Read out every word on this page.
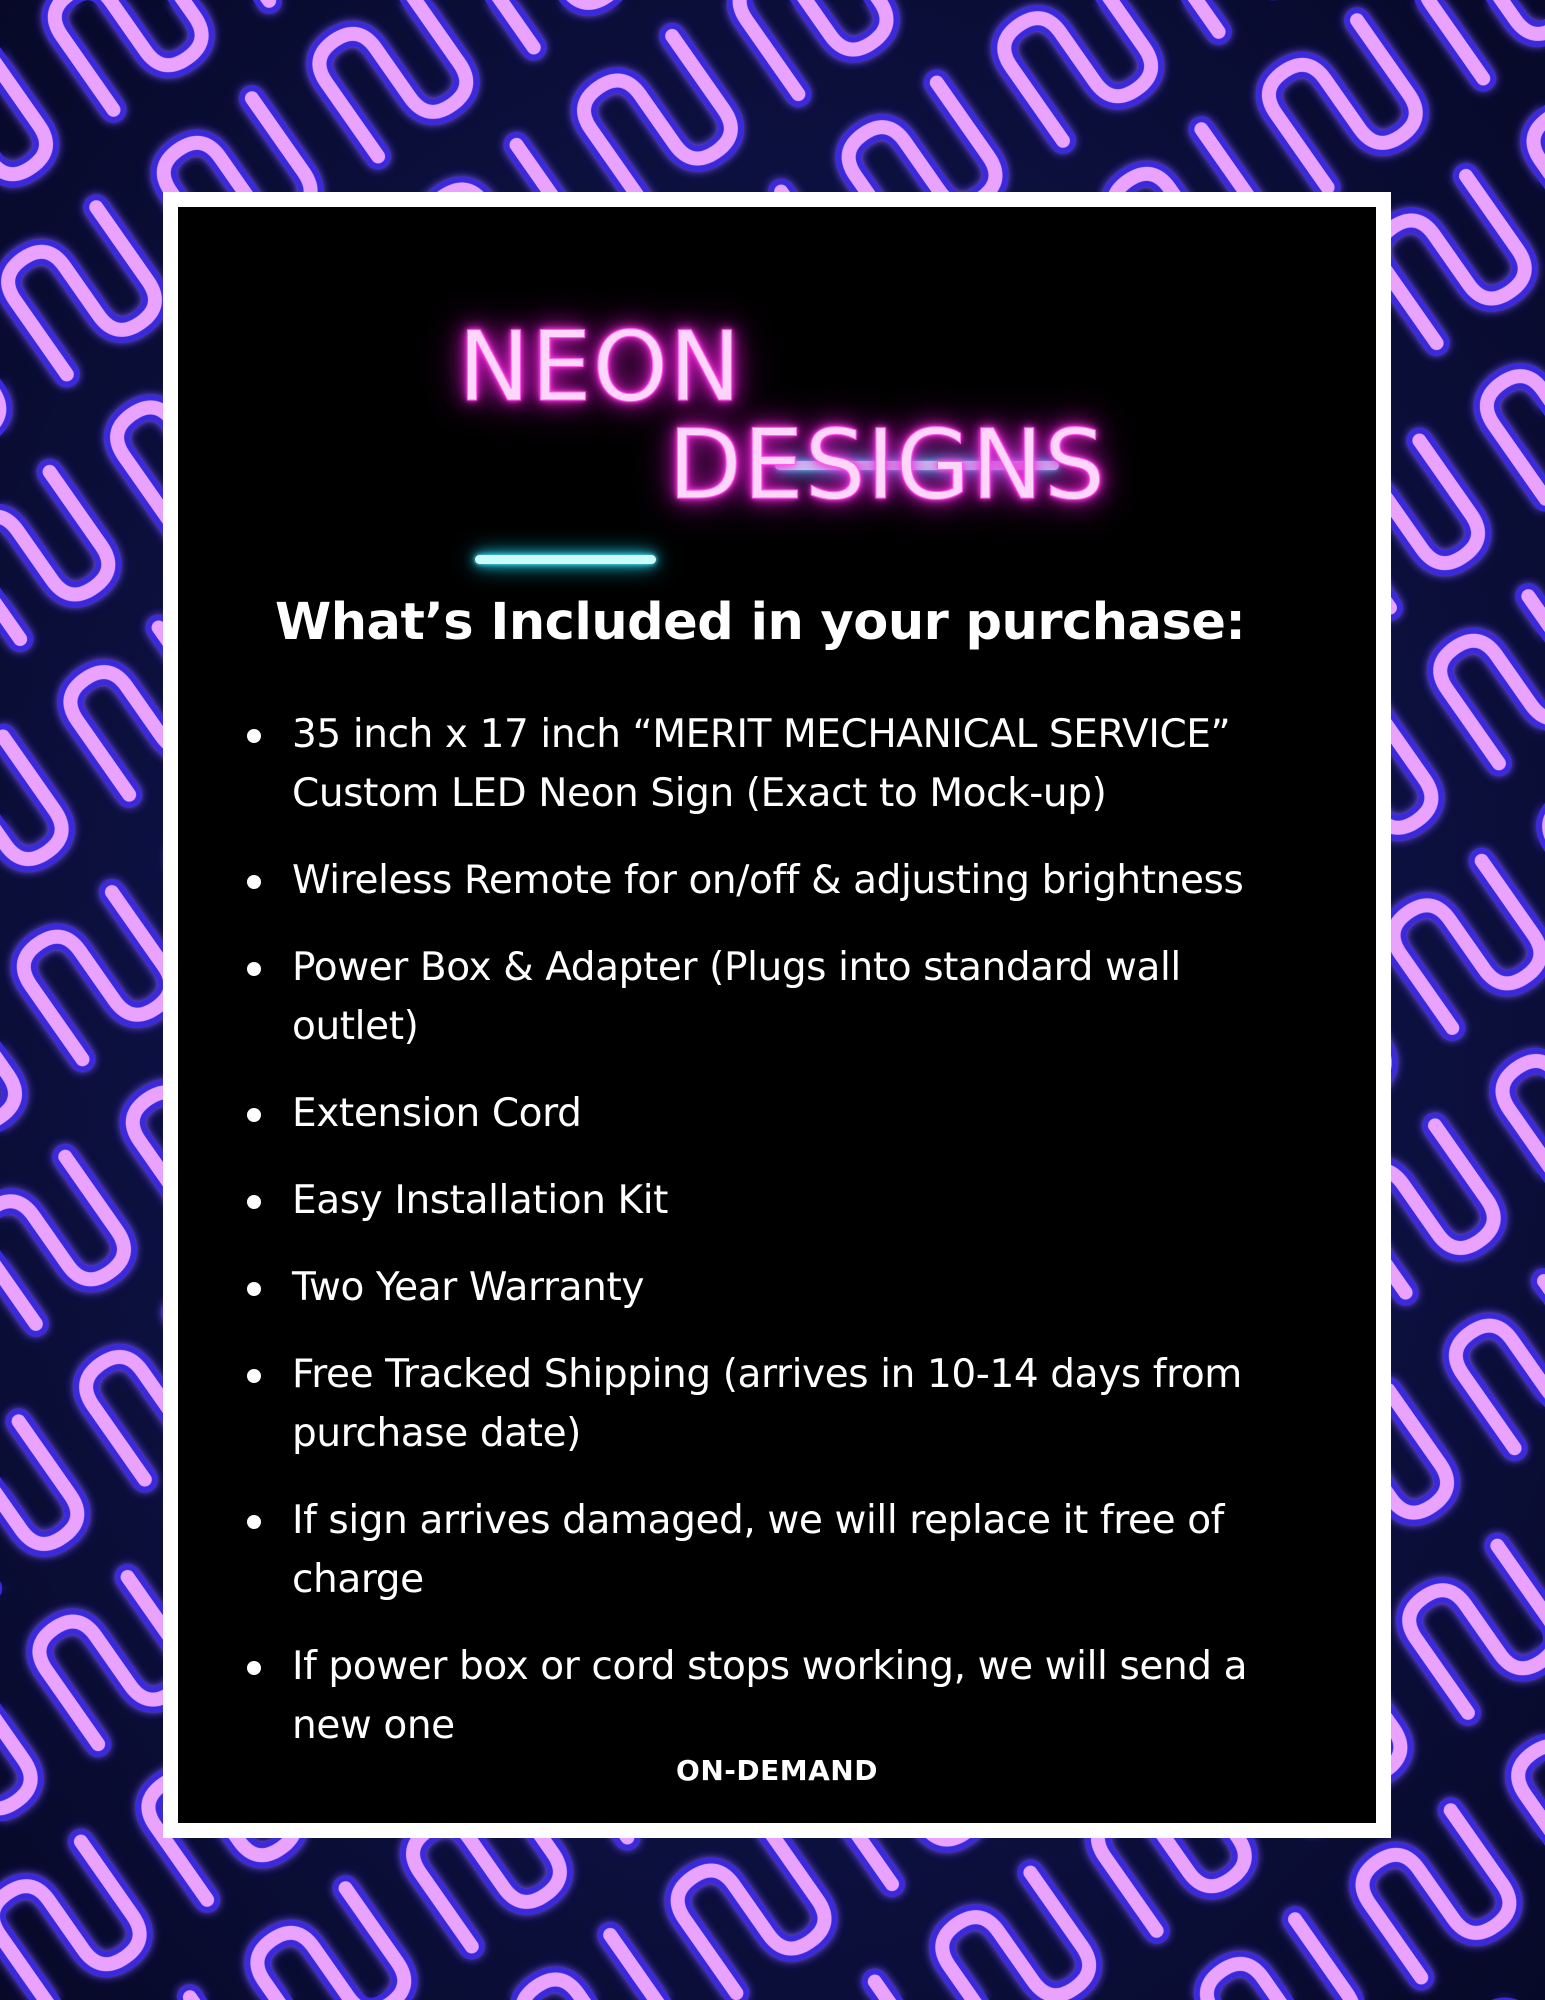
NEON
DESIGNS
What’s Included in your purchase:
35 inch x 17 inch “MERIT MECHANICAL SERVICE”
Custom LED Neon Sign (Exact to Mock-up)
Wireless Remote for on/off & adjusting brightness
Power Box & Adapter (Plugs into standard wall
outlet)
Extension Cord
Easy Installation Kit
Two Year Warranty
Free Tracked Shipping (arrives in 10-14 days from
purchase date)
If sign arrives damaged, we will replace it free of
charge
If power box or cord stops working, we will send a
new one
ON-DEMAND
